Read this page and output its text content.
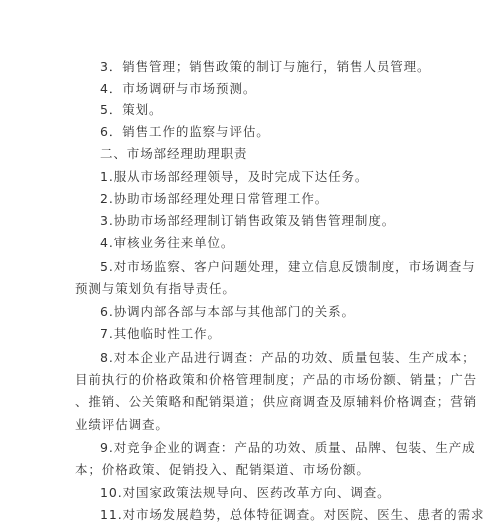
3．销售管理；销售政策的制订与施行，销售人员管理。
4．市场调研与市场预测。
5．策划。
6．销售工作的监察与评估。
二、市场部经理助理职责
1.服从市场部经理领导，及时完成下达任务。
2.协助市场部经理处理日常管理工作。
3.协助市场部经理制订销售政策及销售管理制度。
4.审核业务往来单位。
5.对市场监察、客户问题处理，建立信息反馈制度，市场调查与
预测与策划负有指导责任。
6.协调内部各部与本部与其他部门的关系。
7.其他临时性工作。
8.对本企业产品进行调查：产品的功效、质量包装、生产成本；
目前执行的价格政策和价格管理制度；产品的市场份额、销量；广告
、推销、公关策略和配销渠道；供应商调查及原辅料价格调查；营销
业绩评估调查。
9.对竞争企业的调查：产品的功效、质量、品牌、包装、生产成
本；价格政策、促销投入、配销渠道、市场份额。
10.对国家政策法规导向、医药改革方向、调查。
11.对市场发展趋势，总体特征调查。对医院、医生、患者的需求
